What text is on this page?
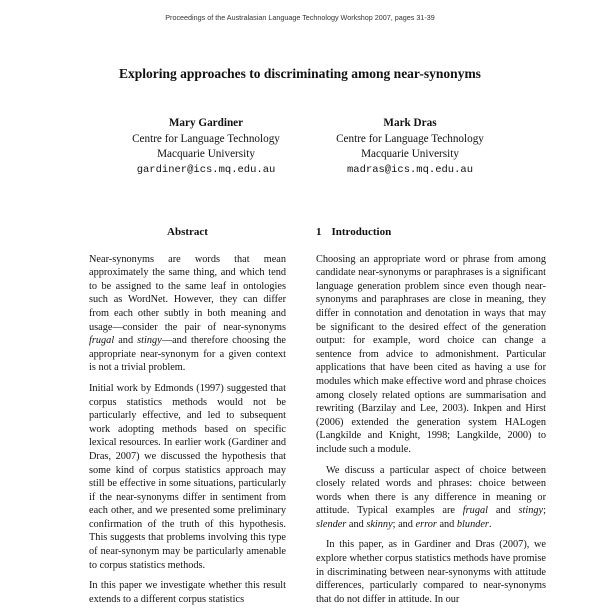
Proceedings of the Australasian Language Technology Workshop 2007, pages 31-39
Exploring approaches to discriminating among near-synonyms
Mary Gardiner
Centre for Language Technology
Macquarie University
gardiner@ics.mq.edu.au
Mark Dras
Centre for Language Technology
Macquarie University
madras@ics.mq.edu.au
Abstract

Near-synonyms are words that mean approximately the same thing, and which tend to be assigned to the same leaf in ontologies such as WordNet. However, they can differ from each other subtly in both meaning and usage—consider the pair of near-synonyms frugal and stingy—and therefore choosing the appropriate near-synonym for a given context is not a trivial problem.

Initial work by Edmonds (1997) suggested that corpus statistics methods would not be particularly effective, and led to subsequent work adopting methods based on specific lexical resources. In earlier work (Gardiner and Dras, 2007) we discussed the hypothesis that some kind of corpus statistics approach may still be effective in some situations, particularly if the near-synonyms differ in sentiment from each other, and we presented some preliminary confirmation of the truth of this hypothesis. This suggests that problems involving this type of near-synonym may be particularly amenable to corpus statistics methods.

In this paper we investigate whether this result extends to a different corpus statistics

1 Introduction

Choosing an appropriate word or phrase from among candidate near-synonyms or paraphrases is a significant language generation problem since even though near-synonyms and paraphrases are close in meaning, they differ in connotation and denotation in ways that may be significant to the desired effect of the generation output: for example, word choice can change a sentence from advice to admonishment. Particular applications that have been cited as having a use for modules which make effective word and phrase choices among closely related options are summarisation and rewriting (Barzilay and Lee, 2003). Inkpen and Hirst (2006) extended the generation system HALogen (Langkilde and Knight, 1998; Langkilde, 2000) to include such a module.

We discuss a particular aspect of choice between closely related words and phrases: choice between words when there is any difference in meaning or attitude. Typical examples are frugal and stingy; slender and skinny; and error and blunder.

In this paper, as in Gardiner and Dras (2007), we explore whether corpus statistics methods have promise in discriminating between near-synonyms with attitude differences, particularly compared to near-synonyms that do not differ in attitude. In our
